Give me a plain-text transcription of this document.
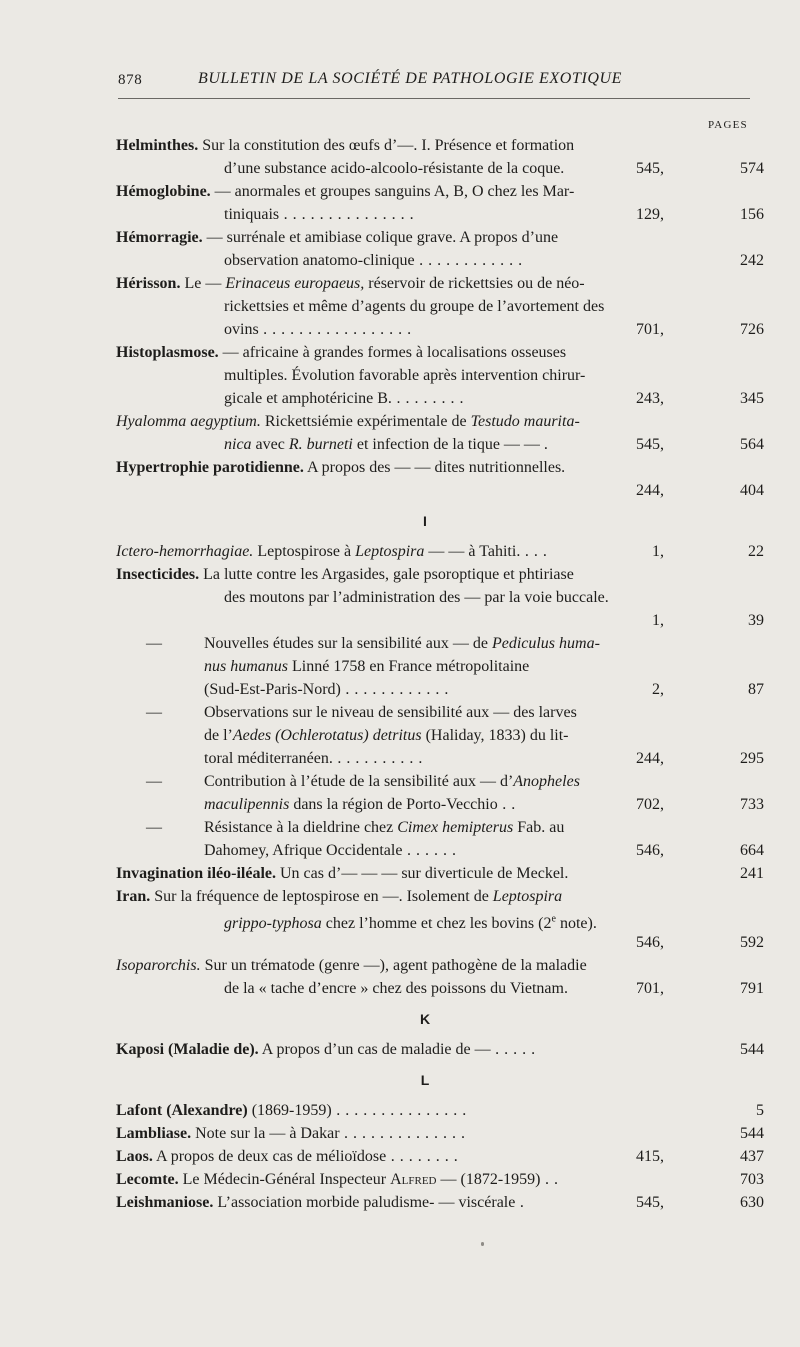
878	BULLETIN DE LA SOCIÉTÉ DE PATHOLOGIE EXOTIQUE
PAGES
Helminthes. Sur la constitution des œufs d’—. I. Présence et formation
d’une substance acido-alcoolo-résistante de la coque.	545,	574
Hémoglobine. — anormales et groupes sanguins A, B, O chez les Mar-
tiniquais . . . . . . . . . . . . . . .	129,	156
Hémorragie. — surrénale et amibiase colique grave. A propos d’une
observation anatomo-clinique . . . . . . . . . . . .	242
Hérisson. Le — Erinaceus europaeus, réservoir de rickettsies ou de néo-
rickettsies et même d’agents du groupe de l’avortement des
ovins . . . . . . . . . . . . . . . . .	701,	726
Histoplasmose. — africaine à grandes formes à localisations osseuses
multiples. Évolution favorable après intervention chirur-
gicale et amphotéricine B. . . . . . . . .	243,	345
Hyalomma aegyptium. Rickettsiémie expérimentale de Testudo maurita-
nica avec R. burneti et infection de la tique — — .	545,	564
Hypertrophie parotidienne. A propos des — — dites nutritionnelles.
244,	404
I
Ictero-hemorrhagiae. Leptospirose à Leptospira — — à Tahiti. . . .	1,	22
Insecticides. La lutte contre les Argasides, gale psoroptique et phtiriase
des moutons par l’administration des — par la voie buccale.
1,	39
—	Nouvelles études sur la sensibilité aux — de Pediculus huma-
nus humanus Linné 1758 en France métropolitaine
(Sud-Est-Paris-Nord) . . . . . . . . . . . .	2,	87
—	Observations sur le niveau de sensibilité aux — des larves
de l’Aedes (Ochlerotatus) detritus (Haliday, 1833) du lit-
toral méditerranéen. . . . . . . . . . .	244,	295
—	Contribution à l’étude de la sensibilité aux — d’Anopheles
maculipennis dans la région de Porto-Vecchio . .	702,	733
—	Résistance à la dieldrine chez Cimex hemipterus Fab. au
Dahomey, Afrique Occidentale . . . . . .	546,	664
Invagination iléo-iléale. Un cas d’— — — sur diverticule de Meckel.	241
Iran. Sur la fréquence de leptospirose en —. Isolement de Leptospira
grippo-typhosa chez l’homme et chez les bovins (2e note).
546,	592
Isoparorchis. Sur un trématode (genre —), agent pathogène de la maladie
de la « tache d’encre » chez des poissons du Vietnam.	701,	791
K
Kaposi (Maladie de). A propos d’un cas de maladie de — . . . . .	544
L
Lafont (Alexandre) (1869-1959) . . . . . . . . . . . . . . .	5
Lambliase. Note sur la — à Dakar . . . . . . . . . . . . . .	544
Laos. A propos de deux cas de mélioïdose . . . . . . . .	415,	437
Lecomte. Le Médecin-Général Inspecteur Alfred — (1872-1959) . .	703
Leishmaniose. L’association morbide paludisme- — viscérale .	545,	630
